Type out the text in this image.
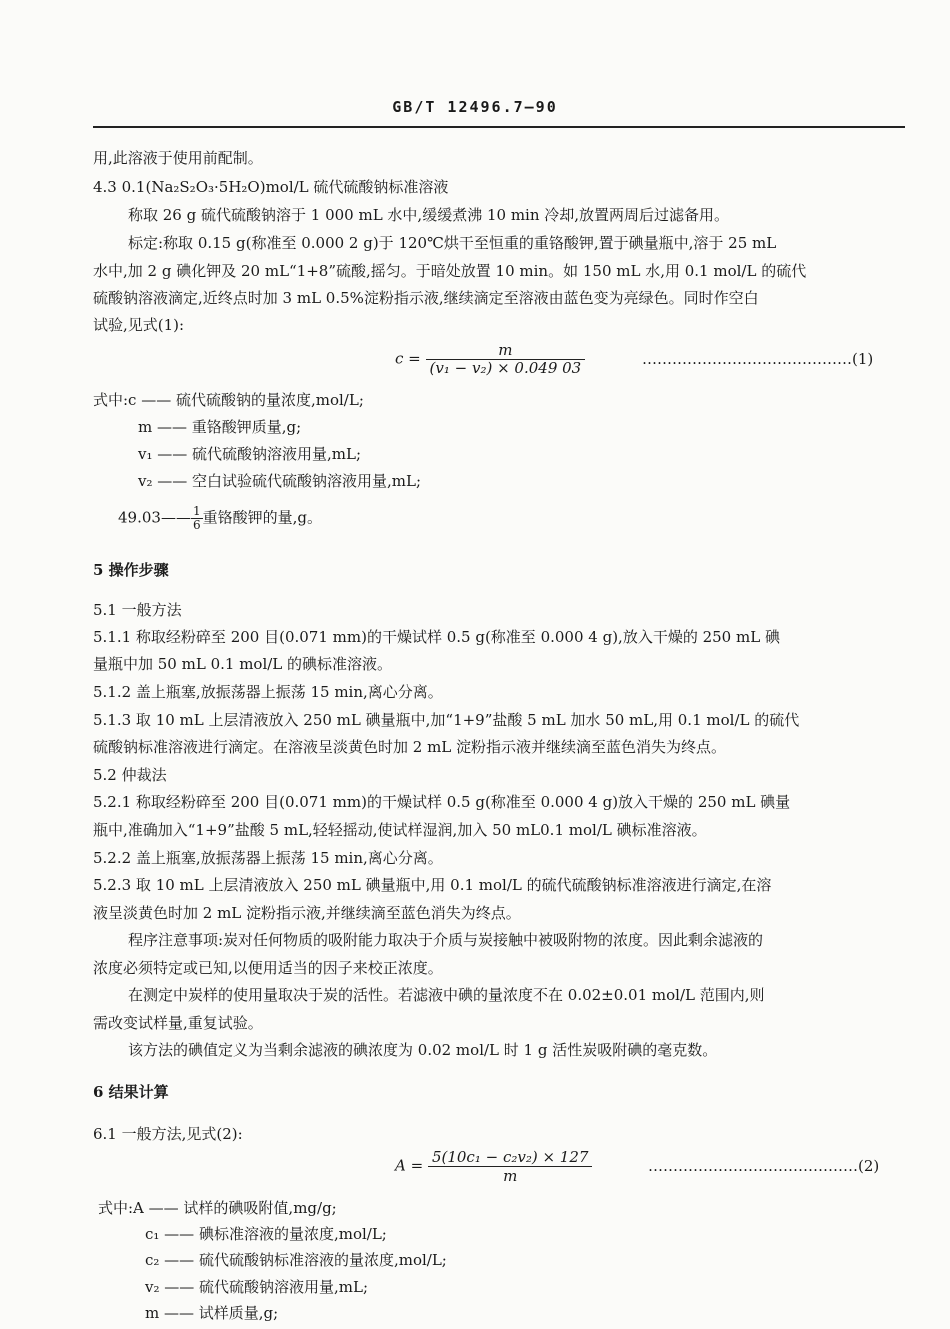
GB/T 12496.7—90
用,此溶液于使用前配制。
4.3 0.1(Na₂S₂O₃·5H₂O)mol/L 硫代硫酸钠标准溶液
称取 26 g 硫代硫酸钠溶于 1 000 mL 水中,缓缓煮沸 10 min 冷却,放置两周后过滤备用。
标定:称取 0.15 g(称准至 0.000 2 g)于 120℃烘干至恒重的重铬酸钾,置于碘量瓶中,溶于 25 mL
水中,加 2 g 碘化钾及 20 mL“1+8”硫酸,摇匀。于暗处放置 10 min。如 150 mL 水,用 0.1 mol/L 的硫代
硫酸钠溶液滴定,近终点时加 3 mL 0.5%淀粉指示液,继续滴定至溶液由蓝色变为亮绿色。同时作空白
试验,见式(1):
$c = \frac{m}{\text{(v₁ − v₂) × 0.049 03}}$	……………………………………(1)
式中:c —— 硫代硫酸钠的量浓度,mol/L;
m —— 重铬酸钾质量,g;
v₁ —— 硫代硫酸钠溶液用量,mL;
v₂ —— 空白试验硫代硫酸钠溶液用量,mL;
49.03—— $\frac{1}{6}$ 重铬酸钾的量,g。
5 操作步骤
5.1 一般方法
5.1.1 称取经粉碎至 200 目(0.071 mm)的干燥试样 0.5 g(称准至 0.000 4 g),放入干燥的 250 mL 碘
量瓶中加 50 mL 0.1 mol/L 的碘标准溶液。
5.1.2 盖上瓶塞,放振荡器上振荡 15 min,离心分离。
5.1.3 取 10 mL 上层清液放入 250 mL 碘量瓶中,加“1+9”盐酸 5 mL 加水 50 mL,用 0.1 mol/L 的硫代
硫酸钠标准溶液进行滴定。在溶液呈淡黄色时加 2 mL 淀粉指示液并继续滴至蓝色消失为终点。
5.2 仲裁法
5.2.1 称取经粉碎至 200 目(0.071 mm)的干燥试样 0.5 g(称准至 0.000 4 g)放入干燥的 250 mL 碘量
瓶中,准确加入“1+9”盐酸 5 mL,轻轻摇动,使试样湿润,加入 50 mL0.1 mol/L 碘标准溶液。
5.2.2 盖上瓶塞,放振荡器上振荡 15 min,离心分离。
5.2.3 取 10 mL 上层清液放入 250 mL 碘量瓶中,用 0.1 mol/L 的硫代硫酸钠标准溶液进行滴定,在溶
液呈淡黄色时加 2 mL 淀粉指示液,并继续滴至蓝色消失为终点。
程序注意事项:炭对任何物质的吸附能力取决于介质与炭接触中被吸附物的浓度。因此剩余滤液的
浓度必须特定或已知,以便用适当的因子来校正浓度。
在测定中炭样的使用量取决于炭的活性。若滤液中碘的量浓度不在 0.02±0.01 mol/L 范围内,则
需改变试样量,重复试验。
该方法的碘值定义为当剩余滤液的碘浓度为 0.02 mol/L 时 1 g 活性炭吸附碘的毫克数。
6 结果计算
6.1 一般方法,见式(2):
$A = \frac{\text{5(10c₁ − c₂v₂) × 127}}{m}$	……………………………………(2)
式中:A —— 试样的碘吸附值,mg/g;
c₁ —— 碘标准溶液的量浓度,mol/L;
c₂ —— 硫代硫酸钠标准溶液的量浓度,mol/L;
v₂ —— 硫代硫酸钠溶液用量,mL;
m —— 试样质量,g;
